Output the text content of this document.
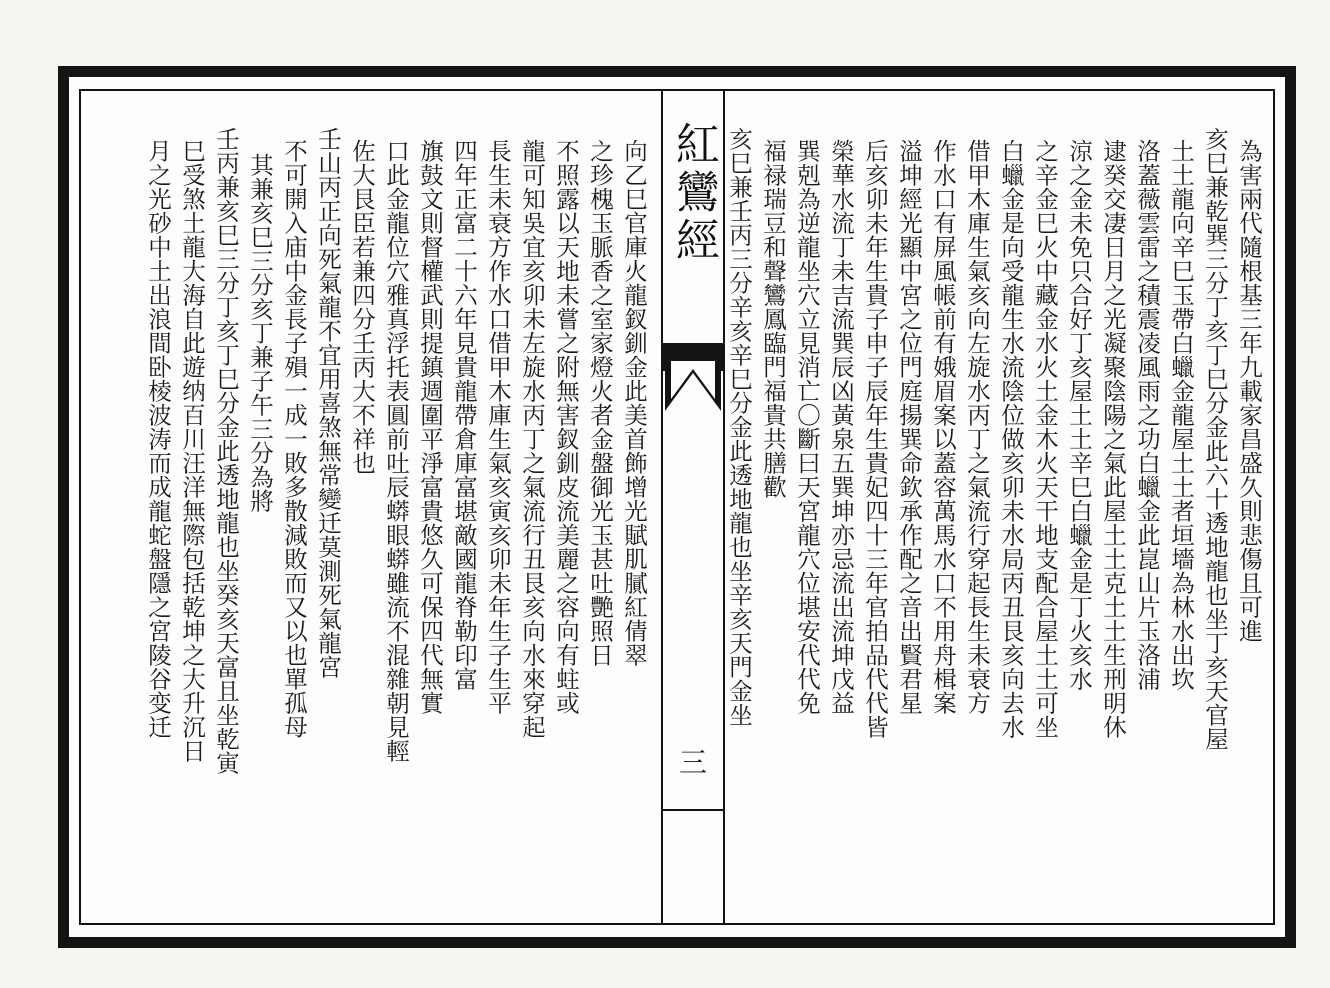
向乙巳官庫火龍釵釧金此美首飾增光賦肌膩紅倩翠
之珍槐玉脈香之室家燈火者金盤御光玉甚吐艷照日
不照露以天地未嘗之附無害釵釧皮流美麗之容向有蛀或
龍可知吳宜亥卯未左旋水丙丁之氣流行丑艮亥向水來穿起
長生未衰方作水口借甲木庫生氣亥寅亥卯未年生子生平
四年正富二十六年見貴龍帶倉庫富堪敵國龍脊勒印富
旗鼓文則督權武則提鎮週圍平淨富貴悠久可保四代無實
口此金龍位穴雅真浮托表圓前吐辰蟒眼蟒雖流不混雜朝見輕
佐大艮臣若兼四分壬丙大不祥也
壬山丙正向死氣龍不宜用喜煞無常變迁莫測死氣龍宮
不可開入庙中金長子殞一成一敗多散減敗而又以也單孤母
其兼亥巳三分亥丁兼子午三分為將
壬丙兼亥巳三分丁亥丁巳分金此透地龍也坐癸亥天富且坐乾寅
巳受煞土龍大海自此遊纳百川汪洋無際包括乾坤之大升沉日
月之光砂中土出浪間卧棱波涛而成龍蛇盤隱之宮陵谷变迁	紅鸞經
三
為害兩代隨根基三年九載家昌盛久則悲傷且可進
亥巳兼乾巽三分丁亥丁巳分金此六十透地龍也坐丁亥天官屋
土土龍向辛巳玉帶白蠟金龍屋土土者垣墻為林水出坎
洛蓋薇雲雷之積震凌風雨之功白蠟金此崑山片玉洛浦
逮癸交凄日月之光凝聚陰陽之氣此屋土土克土土生刑明休
涼之金未免只合好丁亥屋土土辛巳白蠟金是丁火亥水
之辛金巳火中藏金水火土金木火天干地支配合屋土土可坐
白蠟金是向受龍生水流陰位做亥卯未水局丙丑艮亥向去水
借甲木庫生氣亥向左旋水丙丁之氣流行穿起長生未衰方
作水口有屏風帳前有娥眉案以蓋容萬馬水口不用舟楫案
溢坤經光顯中宮之位門庭揚巽命欽承作配之音出賢君星
后亥卯未年生貴子申子辰年生貴妃四十三年官拍品代代皆
榮華水流丁未吉流巽辰凶黃泉五巽坤亦忌流出流坤戊益
巽剋為逆龍坐穴立見消亡〇斷曰天宮龍穴位堪安代代免
福禄瑞豆和聲鸞鳳臨門福貴共膳歡
亥巳兼壬丙三分辛亥辛巳分金此透地龍也坐辛亥天門金坐
